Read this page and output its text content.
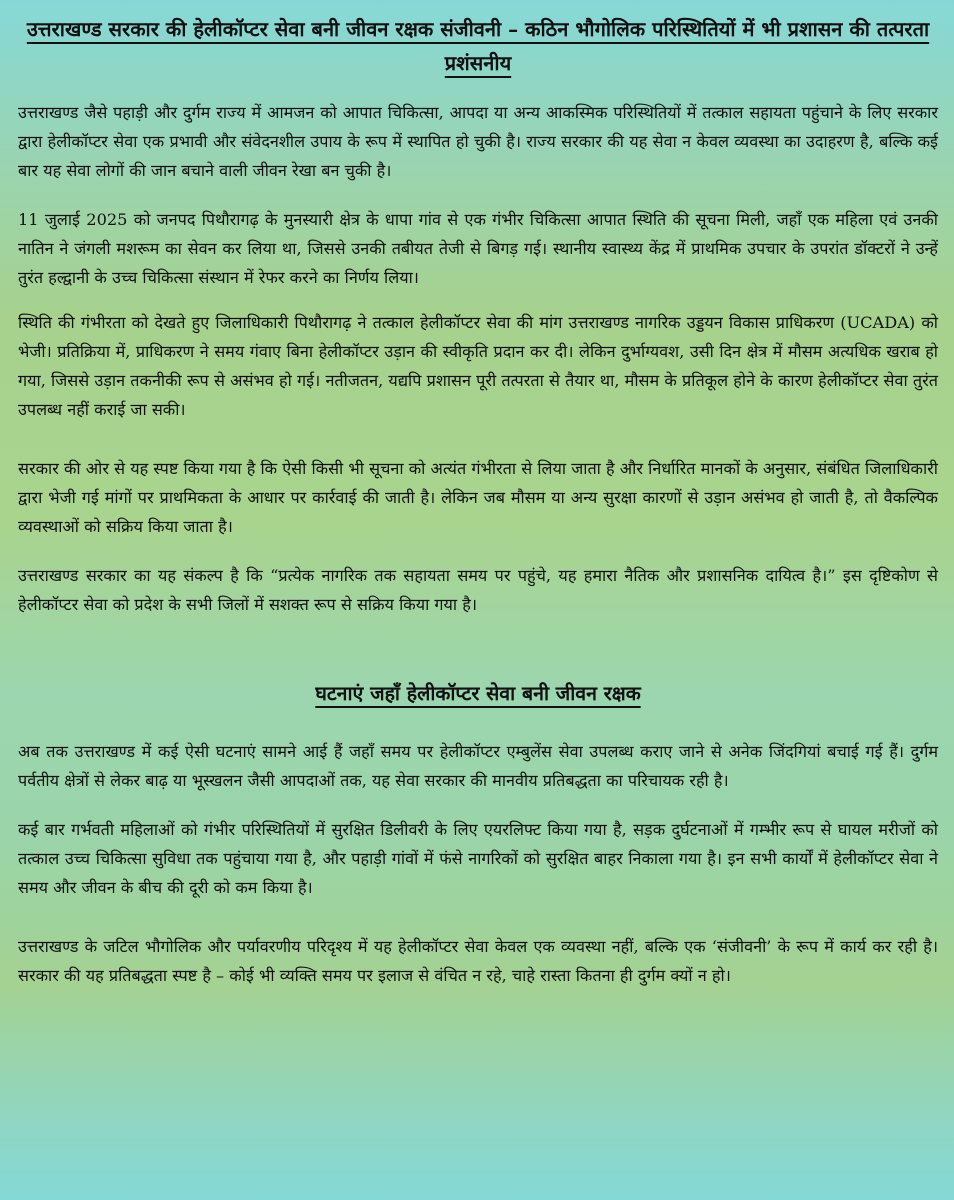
उत्तराखण्ड सरकार की हेलीकॉप्टर सेवा बनी जीवन रक्षक संजीवनी – कठिन भौगोलिक परिस्थितियों में भी प्रशासन की तत्परता प्रशंसनीय

उत्तराखण्ड जैसे पहाड़ी और दुर्गम राज्य में आमजन को आपात चिकित्सा, आपदा या अन्य आकस्मिक परिस्थितियों में तत्काल सहायता पहुंचाने के लिए सरकार द्वारा हेलीकॉप्टर सेवा एक प्रभावी और संवेदनशील उपाय के रूप में स्थापित हो चुकी है। राज्य सरकार की यह सेवा न केवल व्यवस्था का उदाहरण है, बल्कि कई बार यह सेवा लोगों की जान बचाने वाली जीवन रेखा बन चुकी है।

11 जुलाई 2025 को जनपद पिथौरागढ़ के मुनस्यारी क्षेत्र के धापा गांव से एक गंभीर चिकित्सा आपात स्थिति की सूचना मिली, जहाँ एक महिला एवं उनकी नातिन ने जंगली मशरूम का सेवन कर लिया था, जिससे उनकी तबीयत तेजी से बिगड़ गई। स्थानीय स्वास्थ्य केंद्र में प्राथमिक उपचार के उपरांत डॉक्टरों ने उन्हें तुरंत हल्द्वानी के उच्च चिकित्सा संस्थान में रेफर करने का निर्णय लिया।

स्थिति की गंभीरता को देखते हुए जिलाधिकारी पिथौरागढ़ ने तत्काल हेलीकॉप्टर सेवा की मांग उत्तराखण्ड नागरिक उड्डयन विकास प्राधिकरण (UCADA) को भेजी। प्रतिक्रिया में, प्राधिकरण ने समय गंवाए बिना हेलीकॉप्टर उड़ान की स्वीकृति प्रदान कर दी। लेकिन दुर्भाग्यवश, उसी दिन क्षेत्र में मौसम अत्यधिक खराब हो गया, जिससे उड़ान तकनीकी रूप से असंभव हो गई। नतीजतन, यद्यपि प्रशासन पूरी तत्परता से तैयार था, मौसम के प्रतिकूल होने के कारण हेलीकॉप्टर सेवा तुरंत उपलब्ध नहीं कराई जा सकी।

सरकार की ओर से यह स्पष्ट किया गया है कि ऐसी किसी भी सूचना को अत्यंत गंभीरता से लिया जाता है और निर्धारित मानकों के अनुसार, संबंधित जिलाधिकारी द्वारा भेजी गई मांगों पर प्राथमिकता के आधार पर कार्रवाई की जाती है। लेकिन जब मौसम या अन्य सुरक्षा कारणों से उड़ान असंभव हो जाती है, तो वैकल्पिक व्यवस्थाओं को सक्रिय किया जाता है।

उत्तराखण्ड सरकार का यह संकल्प है कि “प्रत्येक नागरिक तक सहायता समय पर पहुंचे, यह हमारा नैतिक और प्रशासनिक दायित्व है।” इस दृष्टिकोण से हेलीकॉप्टर सेवा को प्रदेश के सभी जिलों में सशक्त रूप से सक्रिय किया गया है।

घटनाएं जहाँ हेलीकॉप्टर सेवा बनी जीवन रक्षक

अब तक उत्तराखण्ड में कई ऐसी घटनाएं सामने आई हैं जहाँ समय पर हेलीकॉप्टर एम्बुलेंस सेवा उपलब्ध कराए जाने से अनेक जिंदगियां बचाई गई हैं। दुर्गम पर्वतीय क्षेत्रों से लेकर बाढ़ या भूस्खलन जैसी आपदाओं तक, यह सेवा सरकार की मानवीय प्रतिबद्धता का परिचायक रही है।

कई बार गर्भवती महिलाओं को गंभीर परिस्थितियों में सुरक्षित डिलीवरी के लिए एयरलिफ्ट किया गया है, सड़क दुर्घटनाओं में गम्भीर रूप से घायल मरीजों को तत्काल उच्च चिकित्सा सुविधा तक पहुंचाया गया है, और पहाड़ी गांवों में फंसे नागरिकों को सुरक्षित बाहर निकाला गया है। इन सभी कार्यों में हेलीकॉप्टर सेवा ने समय और जीवन के बीच की दूरी को कम किया है।

उत्तराखण्ड के जटिल भौगोलिक और पर्यावरणीय परिदृश्य में यह हेलीकॉप्टर सेवा केवल एक व्यवस्था नहीं, बल्कि एक ‘संजीवनी’ के रूप में कार्य कर रही है। सरकार की यह प्रतिबद्धता स्पष्ट है – कोई भी व्यक्ति समय पर इलाज से वंचित न रहे, चाहे रास्ता कितना ही दुर्गम क्यों न हो।
